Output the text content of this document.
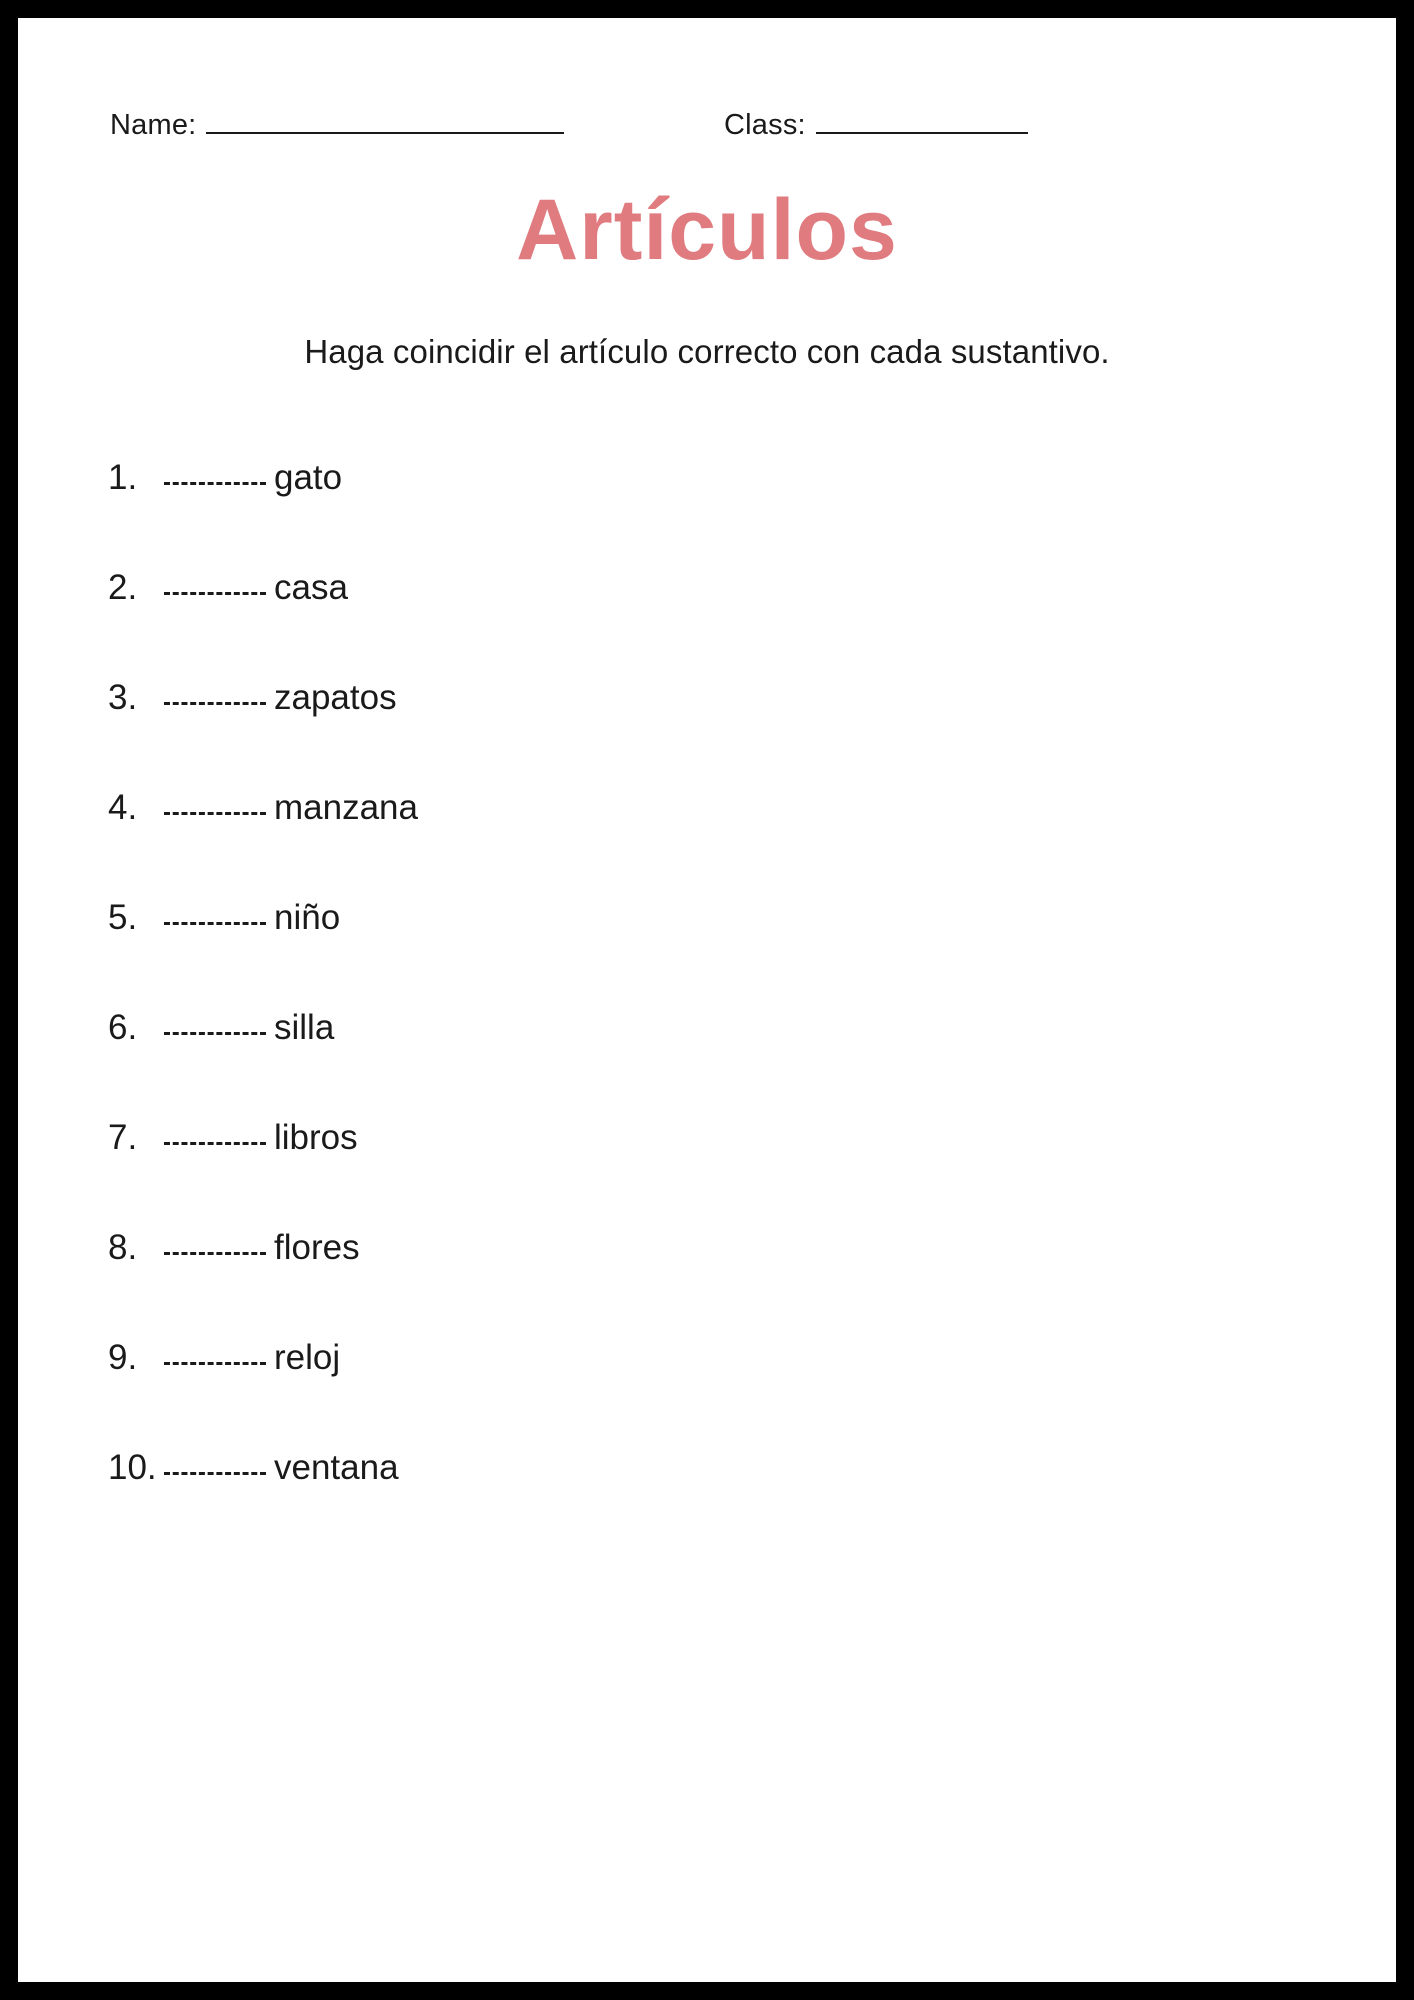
Name:	Class:
Artículos
Haga coincidir el artículo correcto con cada sustantivo.
1.	gato
2.	casa
3.	zapatos
4.	manzana
5.	niño
6.	silla
7.	libros
8.	flores
9.	reloj
10.	ventana
